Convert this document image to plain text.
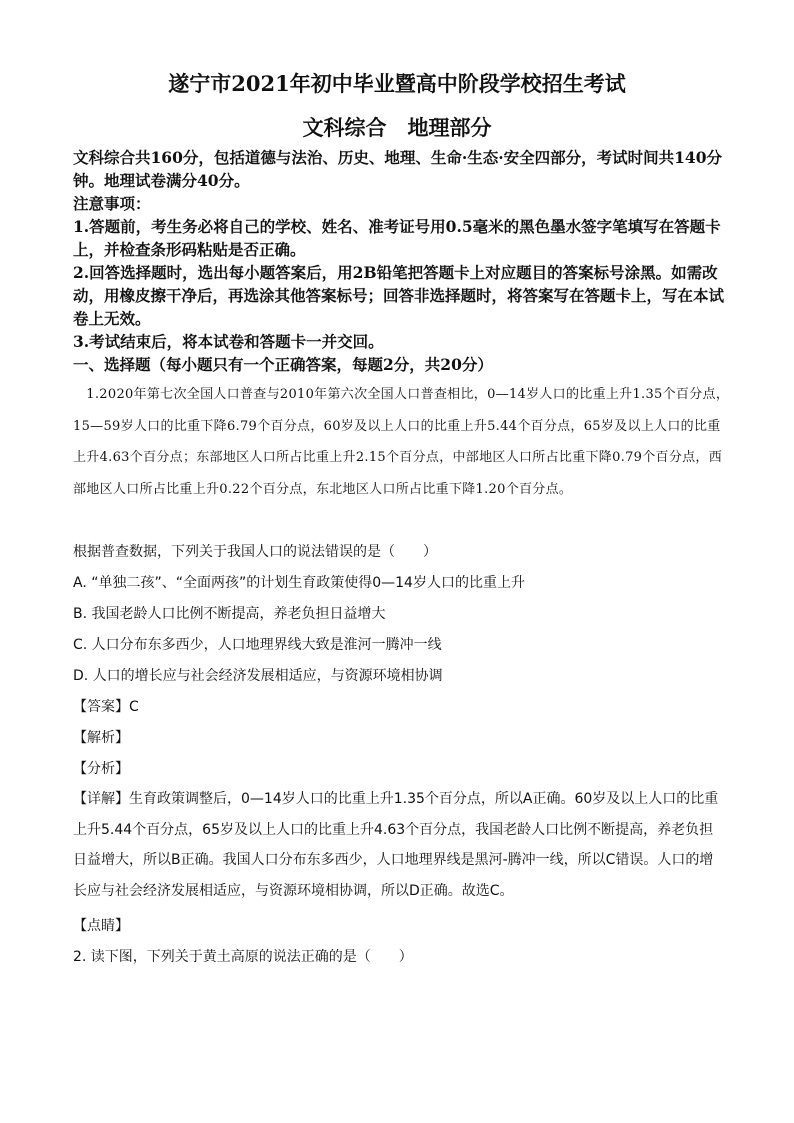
遂宁市2021年初中毕业暨高中阶段学校招生考试
文科综合　地理部分
文科综合共160分，包括道德与法治、历史、地理、生命·生态·安全四部分，考试时间共140分钟。地理试卷满分40分。
注意事项：
1.答题前，考生务必将自己的学校、姓名、准考证号用0.5毫米的黑色墨水签字笔填写在答题卡上，并检查条形码粘贴是否正确。
2.回答选择题时，选出每小题答案后，用2B铅笔把答题卡上对应题目的答案标号涂黑。如需改动，用橡皮擦干净后，再选涂其他答案标号；回答非选择题时，将答案写在答题卡上，写在本试卷上无效。
3.考试结束后，将本试卷和答题卡一并交回。
一、选择题（每小题只有一个正确答案，每题2分，共20分）
　1.2020年第七次全国人口普查与2010年第六次全国人口普查相比，0—14岁人口的比重上升1.35个百分点，　15—59岁人口的比重下降6.79个百分点，60岁及以上人口的比重上升5.44个百分点，65岁及以上人口的比重上升4.63个百分点；东部地区人口所占比重上升2.15个百分点，中部地区人口所占比重下降0.79个百分点，西部地区人口所占比重上升0.22个百分点，东北地区人口所占比重下降1.20个百分点。
根据普查数据，下列关于我国人口的说法错误的是（　　）
A. “单独二孩”、“全面两孩”的计划生育政策使得0—14岁人口的比重上升
B. 我国老龄人口比例不断提高，养老负担日益增大
C. 人口分布东多西少，人口地理界线大致是淮河一腾冲一线
D. 人口的增长应与社会经济发展相适应，与资源环境相协调
【答案】C
【解析】
【分析】
【详解】生育政策调整后，0—14岁人口的比重上升1.35个百分点，所以A正确。60岁及以上人口的比重上升5.44个百分点，65岁及以上人口的比重上升4.63个百分点，我国老龄人口比例不断提高，养老负担日益增大，所以B正确。我国人口分布东多西少，人口地理界线是黑河-腾冲一线，所以C错误。人口的增长应与社会经济发展相适应，与资源环境相协调，所以D正确。故选C。
【点睛】
2. 读下图，下列关于黄土高原的说法正确的是（　　）
